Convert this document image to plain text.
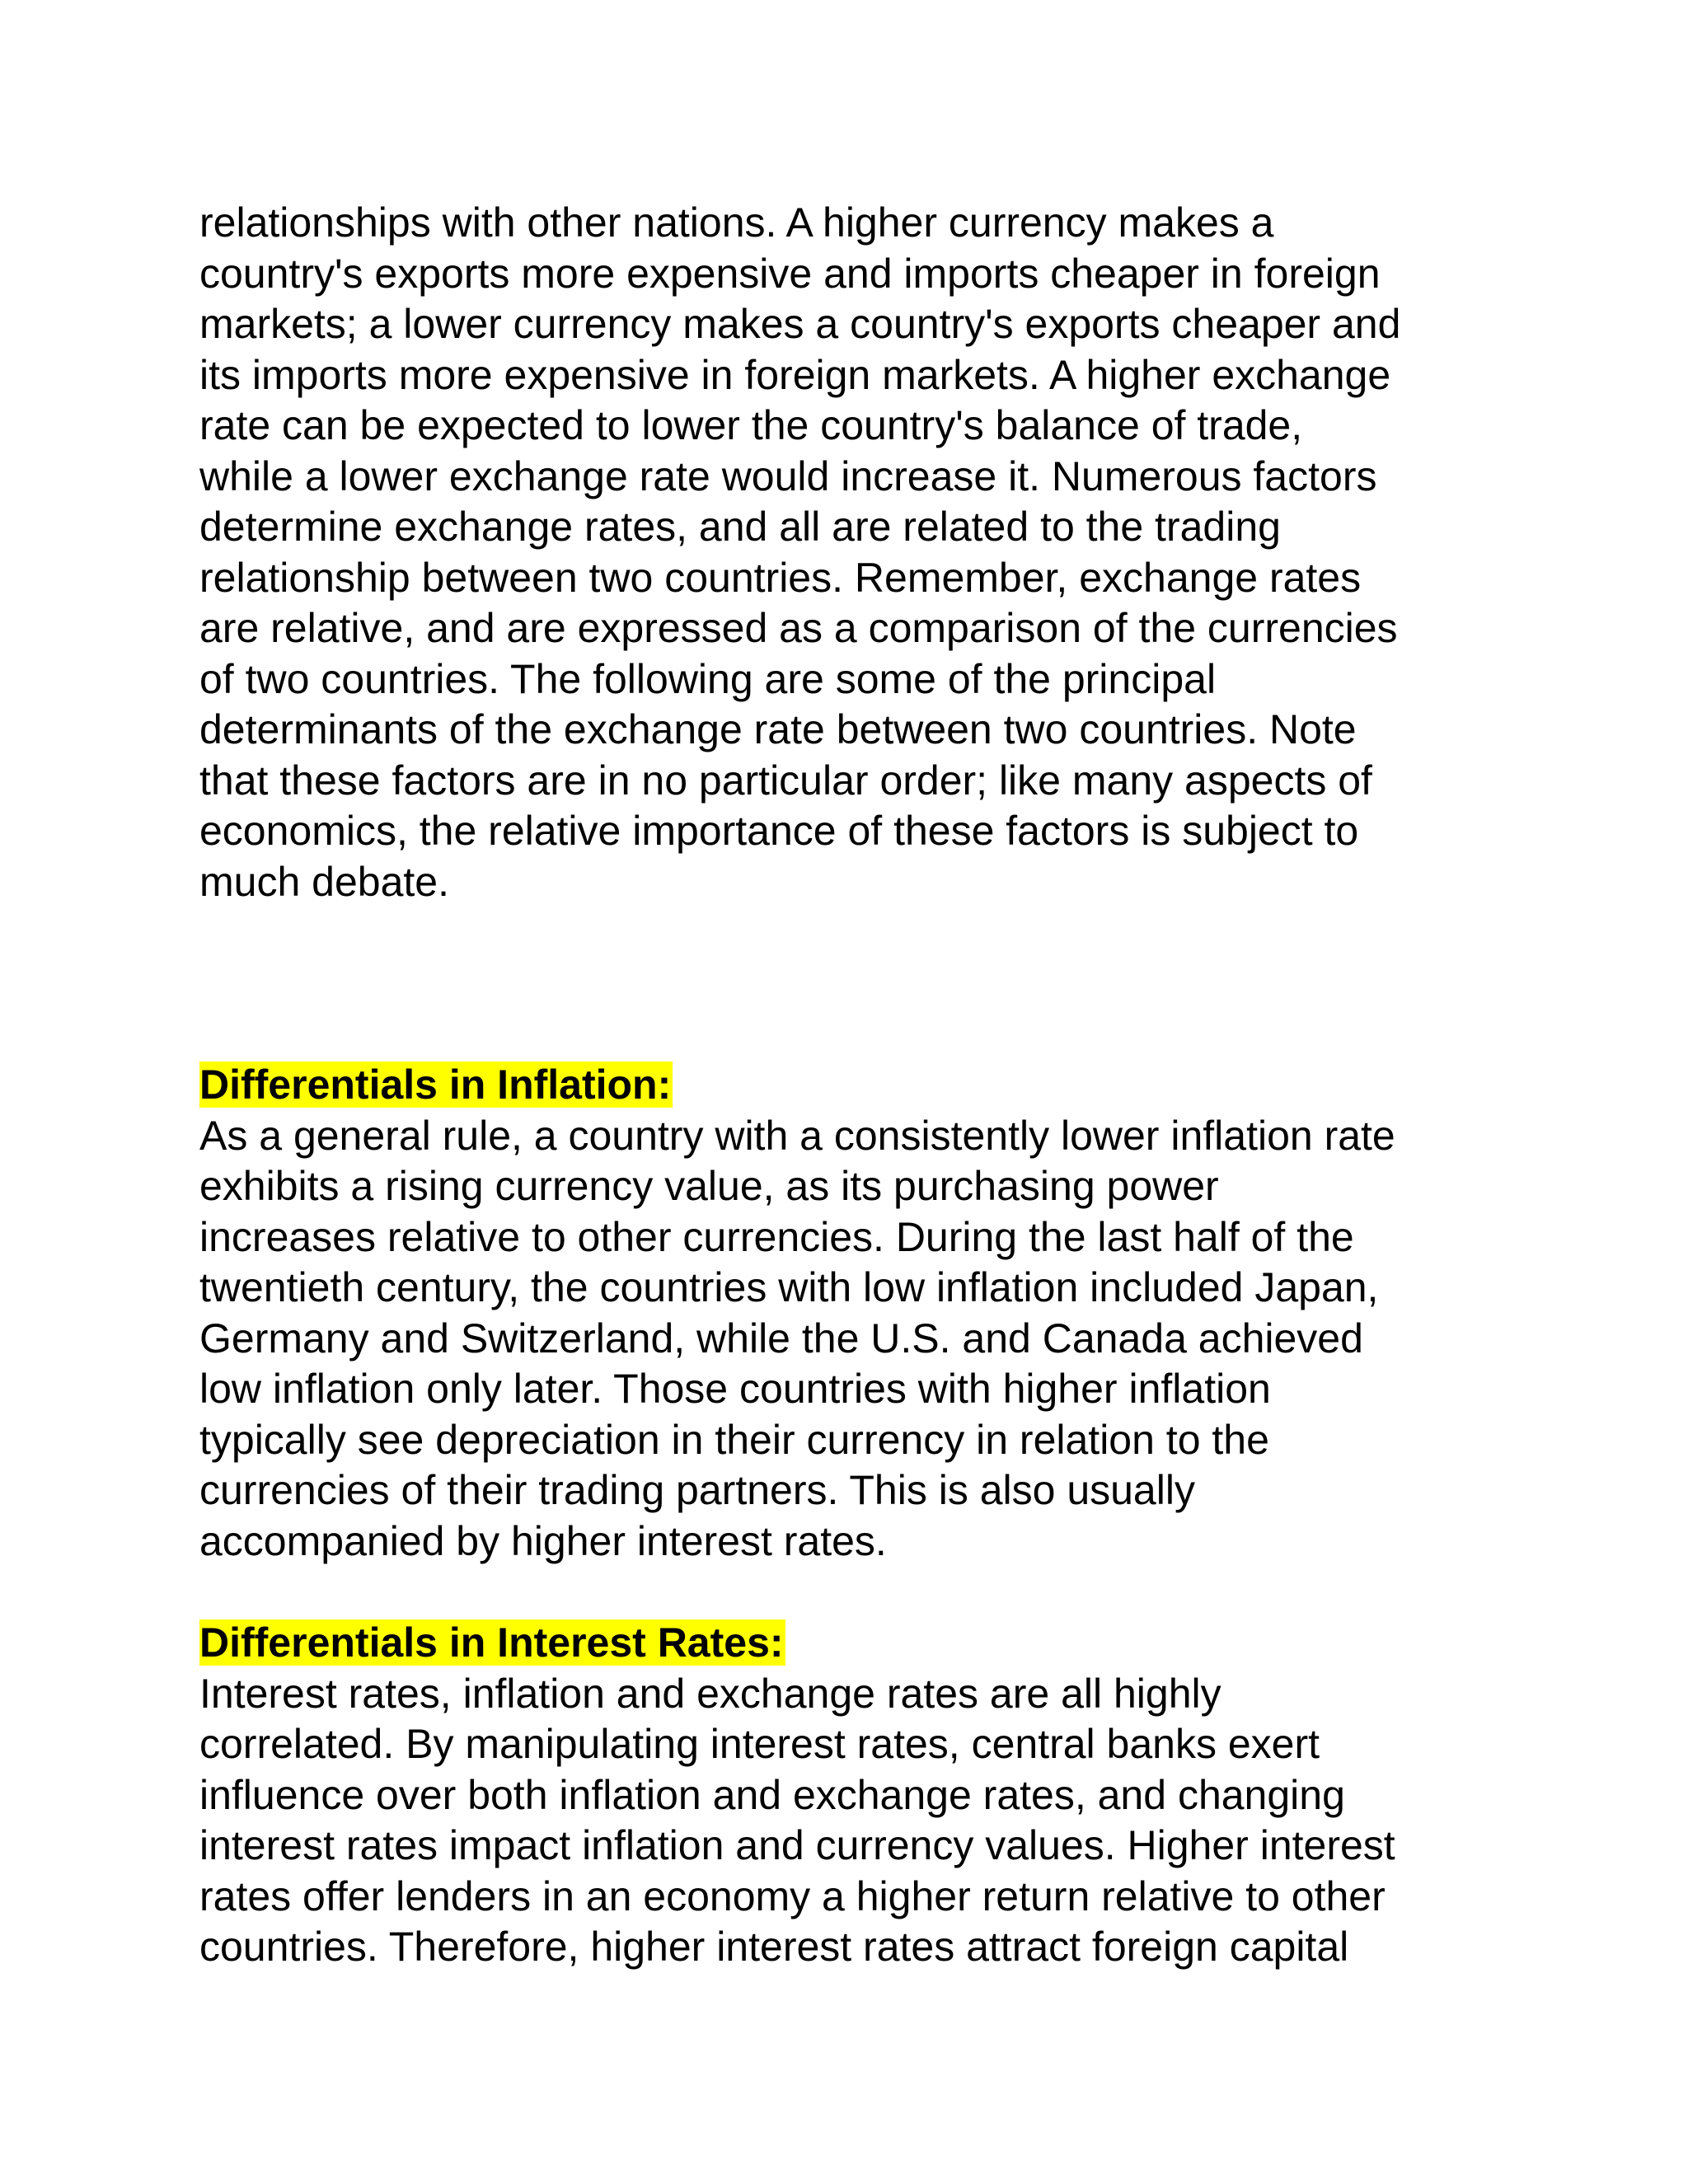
relationships with other nations. A higher currency makes a
country's exports more expensive and imports cheaper in foreign
markets; a lower currency makes a country's exports cheaper and
its imports more expensive in foreign markets. A higher exchange
rate can be expected to lower the country's balance of trade,
while a lower exchange rate would increase it. Numerous factors
determine exchange rates, and all are related to the trading
relationship between two countries. Remember, exchange rates
are relative, and are expressed as a comparison of the currencies
of two countries. The following are some of the principal
determinants of the exchange rate between two countries. Note
that these factors are in no particular order; like many aspects of
economics, the relative importance of these factors is subject to
much debate.
Differentials in Inflation:
As a general rule, a country with a consistently lower inflation rate
exhibits a rising currency value, as its purchasing power
increases relative to other currencies. During the last half of the
twentieth century, the countries with low inflation included Japan,
Germany and Switzerland, while the U.S. and Canada achieved
low inflation only later. Those countries with higher inflation
typically see depreciation in their currency in relation to the
currencies of their trading partners. This is also usually
accompanied by higher interest rates.
Differentials in Interest Rates:
Interest rates, inflation and exchange rates are all highly
correlated. By manipulating interest rates, central banks exert
influence over both inflation and exchange rates, and changing
interest rates impact inflation and currency values. Higher interest
rates offer lenders in an economy a higher return relative to other
countries. Therefore, higher interest rates attract foreign capital
